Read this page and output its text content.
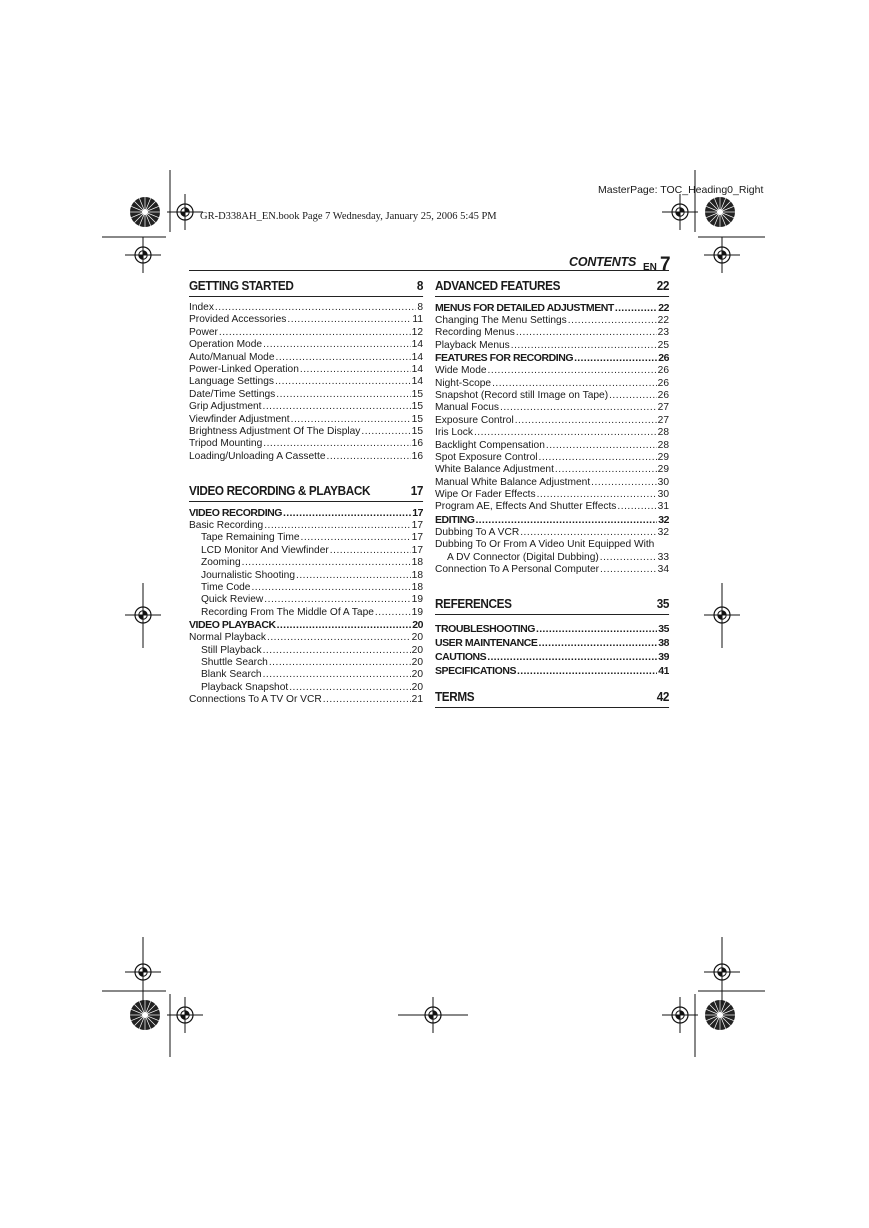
MasterPage: TOC_Heading0_Right
GR-D338AH_EN.book Page 7 Wednesday, January 25, 2006 5:45 PM
CONTENTS EN 7
GETTING STARTED	8
Index .....	8
Provided Accessories .....	11
Power .....	12
Operation Mode .....	14
Auto/Manual Mode .....	14
Power-Linked Operation .....	14
Language Settings .....	14
Date/Time Settings .....	15
Grip Adjustment .....	15
Viewfinder Adjustment .....	15
Brightness Adjustment Of The Display .....	15
Tripod Mounting .....	16
Loading/Unloading A Cassette .....	16
VIDEO RECORDING & PLAYBACK	17
VIDEO RECORDING .....	17
Basic Recording .....	17
Tape Remaining Time .....	17
LCD Monitor And Viewfinder .....	17
Zooming .....	18
Journalistic Shooting .....	18
Time Code .....	18
Quick Review .....	19
Recording From The Middle Of A Tape .....	19
VIDEO PLAYBACK .....	20
Normal Playback .....	20
Still Playback .....	20
Shuttle Search .....	20
Blank Search .....	20
Playback Snapshot .....	20
Connections To A TV Or VCR .....	21
ADVANCED FEATURES	22
MENUS FOR DETAILED ADJUSTMENT .....	22
Changing The Menu Settings .....	22
Recording Menus .....	23
Playback Menus .....	25
FEATURES FOR RECORDING .....	26
Wide Mode .....	26
Night-Scope .....	26
Snapshot (Record still Image on Tape) .....	26
Manual Focus .....	27
Exposure Control .....	27
Iris Lock .....	28
Backlight Compensation .....	28
Spot Exposure Control .....	29
White Balance Adjustment .....	29
Manual White Balance Adjustment .....	30
Wipe Or Fader Effects .....	30
Program AE, Effects And Shutter Effects .....	31
EDITING .....	32
Dubbing To A VCR .....	32
Dubbing To Or From A Video Unit Equipped With
A DV Connector (Digital Dubbing) .....	33
Connection To A Personal Computer .....	34
REFERENCES	35
TROUBLESHOOTING .....	35
USER MAINTENANCE .....	38
CAUTIONS .....	39
SPECIFICATIONS .....	41
TERMS	42
